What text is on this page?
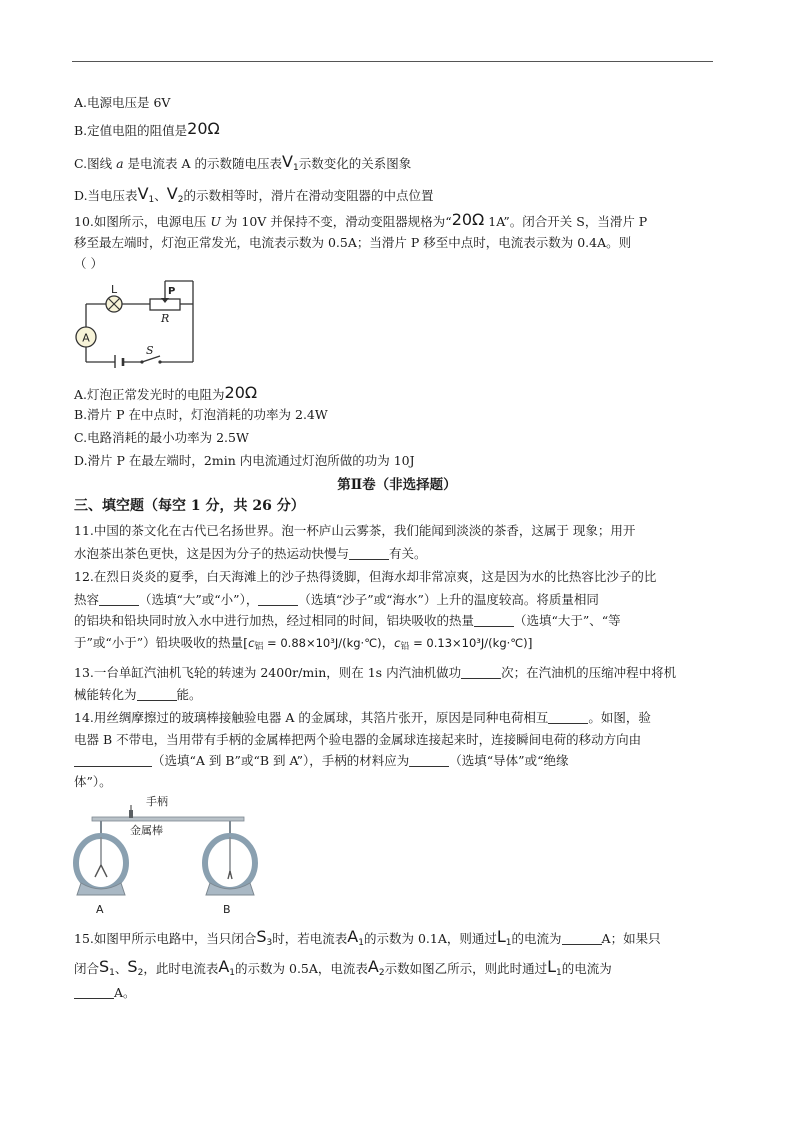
A.电源电压是 6V
B.定值电阻的阻值是20Ω
C.图线 a 是电流表 A 的示数随电压表$V_1$示数变化的关系图象
D.当电压表$V_1$、$V_2$的示数相等时，滑片在滑动变阻器的中点位置
10.如图所示，电源电压 U 为 10V 并保持不变，滑动变阻器规格为“20Ω 1A”。闭合开关 S，当滑片 P
移至最左端时，灯泡正常发光，电流表示数为 0.5A；当滑片 P 移至中点时，电流表示数为 0.4A。则
（ ）
A
L	P
R
S
A.灯泡正常发光时的电阻为20Ω
B.滑片 P 在中点时，灯泡消耗的功率为 2.4W
C.电路消耗的最小功率为 2.5W
D.滑片 P 在最左端时，2min 内电流通过灯泡所做的功为 10J
第Ⅱ卷（非选择题）
三、填空题（每空 1 分，共 26 分）
11.中国的茶文化在古代已名扬世界。泡一杯庐山云雾茶，我们能闻到淡淡的茶香，这属于 现象；用开
水泡茶出茶色更快，这是因为分子的热运动快慢与	有关。
12.在烈日炎炎的夏季，白天海滩上的沙子热得烫脚，但海水却非常凉爽，这是因为水的比热容比沙子的比
热容	（选填“大”或“小”），	（选填“沙子”或“海水”）上升的温度较高。将质量相同
的铝块和铅块同时放入水中进行加热，经过相同的时间，铝块吸收的热量	（选填“大于”、“等
于”或“小于”）铅块吸收的热量[$c_铝$ = 0.88×10³J/(kg·℃)，$c_铅$ = 0.13×10³J/(kg·℃)]
13.一台单缸汽油机飞轮的转速为 2400r/min，则在 1s 内汽油机做功	次；在汽油机的压缩冲程中将机
械能转化为	能。
14.用丝绸摩擦过的玻璃棒接触验电器 A 的金属球，其箔片张开，原因是同种电荷相互	。如图，验
电器 B 不带电，当用带有手柄的金属棒把两个验电器的金属球连接起来时，连接瞬间电荷的移动方向由
（选填“A 到 B”或“B 到 A”），手柄的材料应为	（选填“导体”或“绝缘
体”）。
手柄
金属棒
A	B
15.如图甲所示电路中，当只闭合$S_3$时，若电流表$A_1$的示数为 0.1A，则通过$L_1$的电流为	A；如果只
闭合$S_1$、$S_2$，此时电流表$A_1$的示数为 0.5A，电流表$A_2$示数如图乙所示，则此时通过$L_1$的电流为
A。
